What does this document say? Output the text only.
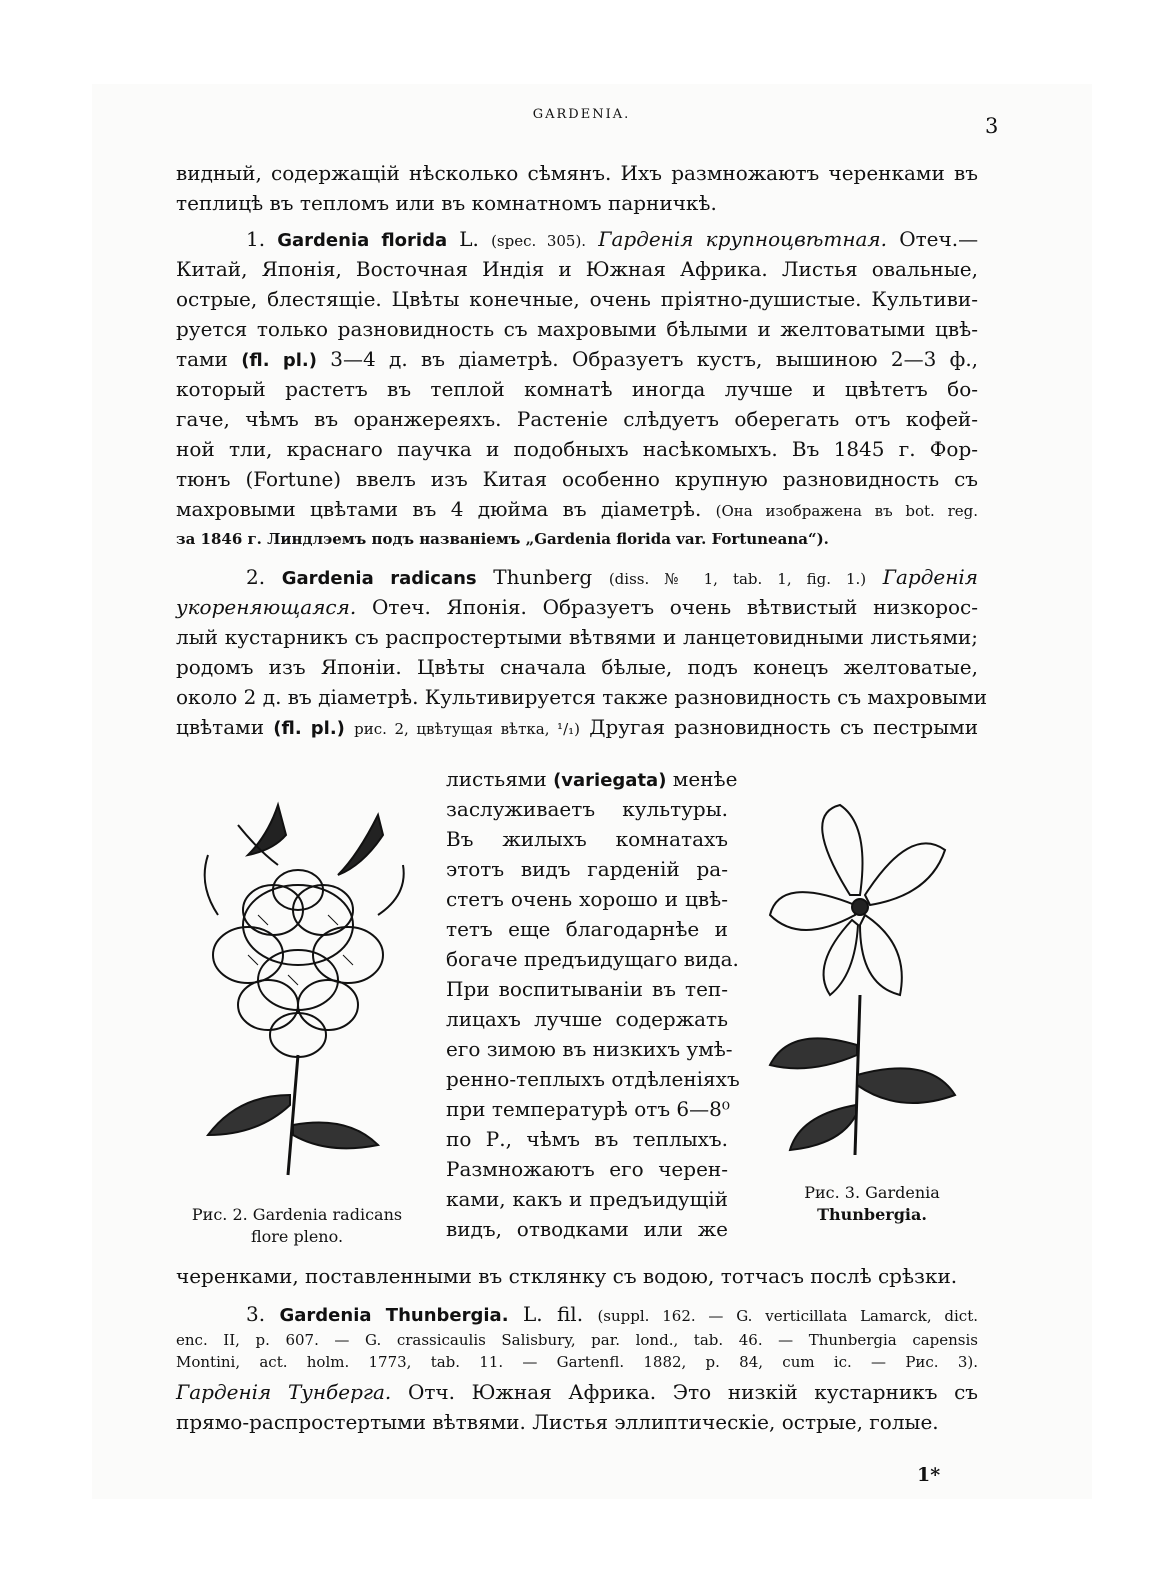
GARDENIA.	3
видный, содержащій нѣсколько сѣмянъ. Ихъ размножаютъ черенками въ
теплицѣ въ тепломъ или въ комнатномъ парничкѣ.
1. Gardenia florida L. (spec. 305). Гарденія крупноцвѣтная. Отеч.—
Китай, Японія, Восточная Индія и Южная Африка. Листья овальные,
острые, блестящіе. Цвѣты конечные, очень пріятно-душистые. Культиви-
руется только разновидность съ махровыми бѣлыми и желтоватыми цвѣ-
тами (fl. pl.) 3—4 д. въ діаметрѣ. Образуетъ кустъ, вышиною 2—3 ф.,
который растетъ въ теплой комнатѣ иногда лучше и цвѣтетъ бо-
гаче, чѣмъ въ оранжереяхъ. Растеніе слѣдуетъ оберегать отъ кофей-
ной тли, краснаго паучка и подобныхъ насѣкомыхъ. Въ 1845 г. Фор-
тюнъ (Fortune) ввелъ изъ Китая особенно крупную разновидность съ
махровыми цвѣтами въ 4 дюйма въ діаметрѣ. (Она изображена въ bot. reg.
за 1846 г. Линдлэемъ подъ названіемъ „Gardenia florida var. Fortuneana“).
2. Gardenia radicans Thunberg (diss. № 1, tab. 1, fig. 1.) Гарденія
укореняющаяся. Отеч. Японія. Образуетъ очень вѣтвистый низкорос-
лый кустарникъ съ распростертыми вѣтвями и ланцетовидными листьями;
родомъ изъ Японіи. Цвѣты сначала бѣлые, подъ конецъ желтоватые,
около 2 д. въ діаметрѣ. Культивируется также разновидность съ махровыми
цвѣтами (fl. pl.) рис. 2, цвѣтущая вѣтка, ¹/₁) Другая разновидность съ пестрыми
листьями (variegata) менѣе
заслуживаетъ культуры.
Въ жилыхъ комнатахъ
этотъ видъ гарденій ра-
стетъ очень хорошо и цвѣ-
тетъ еще благодарнѣе и
богаче предъидущаго вида.
При воспитываніи въ теп-
лицахъ лучше содержать
его зимою въ низкихъ умѣ-
ренно-теплыхъ отдѣленіяхъ
при температурѣ отъ 6—8⁰
по Р., чѣмъ въ теплыхъ.
Размножаютъ его черен-
ками, какъ и предъидущій
видъ, отводками или же
Рис. 2. Gardenia radicans
flore pleno.
Рис. 3. Gardenia
Thunbergia.
черенками, поставленными въ стклянку съ водою, тотчасъ послѣ срѣзки.
3. Gardenia Thunbergia. L. fil. (suppl. 162. — G. verticillata Lamarck, dict.
enc. II, p. 607. — G. crassicaulis Salisbury, par. lond., tab. 46. — Thunbergia capensis
Montini, act. holm. 1773, tab. 11. — Gartenfl. 1882, p. 84, cum ic. — Рис. 3).
Гарденія Тунберга. Отч. Южная Африка. Это низкій кустарникъ съ
прямо-распростертыми вѣтвями. Листья эллиптическіе, острые, голые.
1*
